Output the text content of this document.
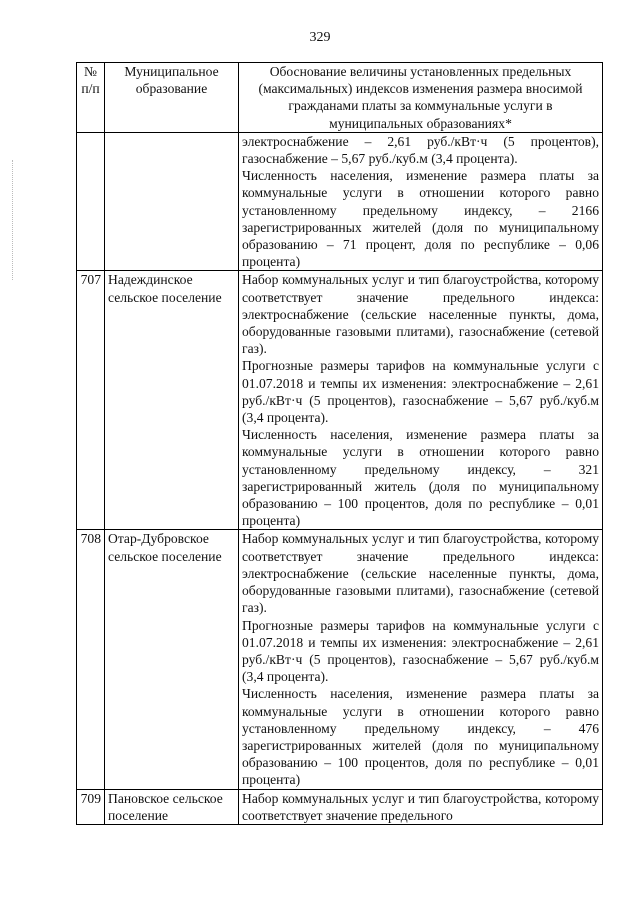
329
№ п/п	Муниципальное образование	Обоснование величины установленных предельных (максимальных) индексов изменения размера вносимой гражданами платы за коммунальные услуги в муниципальных образованиях*

		электроснабжение – 2,61 руб./кВт·ч (5 процентов), газоснабжение – 5,67 руб./куб.м (3,4 процента).

Численность населения, изменение размера платы за коммунальные услуги в отношении которого равно установленному предельному индексу, – 2166 зарегистрированных жителей (доля по муниципальному образованию – 71 процент, доля по республике – 0,06 процента)

707	Надеждинское сельское поселение	Набор коммунальных услуг и тип благоустройства, которому соответствует значение предельного индекса: электроснабжение (сельские населенные пункты, дома, оборудованные газовыми плитами), газоснабжение (сетевой газ).

Прогнозные размеры тарифов на коммунальные услуги с 01.07.2018 и темпы их изменения: электроснабжение – 2,61 руб./кВт·ч (5 процентов), газоснабжение – 5,67 руб./куб.м (3,4 процента).

Численность населения, изменение размера платы за коммунальные услуги в отношении которого равно установленному предельному индексу, – 321 зарегистрированный житель (доля по муниципальному образованию – 100 процентов, доля по республике – 0,01 процента)

708	Отар-Дубровское сельское поселение	Набор коммунальных услуг и тип благоустройства, которому соответствует значение предельного индекса: электроснабжение (сельские населенные пункты, дома, оборудованные газовыми плитами), газоснабжение (сетевой газ).

Прогнозные размеры тарифов на коммунальные услуги с 01.07.2018 и темпы их изменения: электроснабжение – 2,61 руб./кВт·ч (5 процентов), газоснабжение – 5,67 руб./куб.м (3,4 процента).

Численность населения, изменение размера платы за коммунальные услуги в отношении которого равно установленному предельному индексу, – 476 зарегистрированных жителей (доля по муниципальному образованию – 100 процентов, доля по республике – 0,01 процента)

709	Пановское сельское поселение	Набор коммунальных услуг и тип благоустройства, которому соответствует значение предельного
